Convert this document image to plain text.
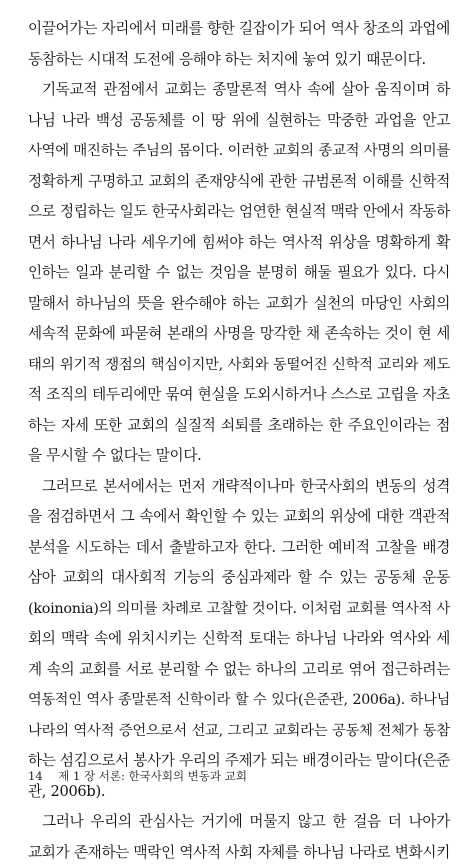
이끌어가는 자리에서 미래를 향한 길잡이가 되어 역사 창조의 과업에
동참하는 시대적 도전에 응해야 하는 처지에 놓여 있기 때문이다.
기독교적 관점에서 교회는 종말론적 역사 속에 살아 움직이며 하
나님 나라 백성 공동체를 이 땅 위에 실현하는 막중한 과업을 안고
사역에 매진하는 주님의 몸이다. 이러한 교회의 종교적 사명의 의미를
정확하게 구명하고 교회의 존재양식에 관한 규범론적 이해를 신학적
으로 정립하는 일도 한국사회라는 엄연한 현실적 맥락 안에서 작동하
면서 하나님 나라 세우기에 힘써야 하는 역사적 위상을 명확하게 확
인하는 일과 분리할 수 없는 것임을 분명히 해둘 필요가 있다. 다시
말해서 하나님의 뜻을 완수해야 하는 교회가 실천의 마당인 사회의
세속적 문화에 파묻혀 본래의 사명을 망각한 채 존속하는 것이 현 세
태의 위기적 쟁점의 핵심이지만, 사회와 동떨어진 신학적 교리와 제도
적 조직의 테두리에만 묶여 현실을 도외시하거나 스스로 고립을 자초
하는 자세 또한 교회의 실질적 쇠퇴를 초래하는 한 주요인이라는 점
을 무시할 수 없다는 말이다.
그러므로 본서에서는 먼저 개략적이나마 한국사회의 변동의 성격
을 점검하면서 그 속에서 확인할 수 있는 교회의 위상에 대한 객관적
분석을 시도하는 데서 출발하고자 한다. 그러한 예비적 고찰을 배경
삼아 교회의 대사회적 기능의 중심과제라 할 수 있는 공동체 운동
(koinonia)의 의미를 차례로 고찰할 것이다. 이처럼 교회를 역사적 사
회의 맥락 속에 위치시키는 신학적 토대는 하나님 나라와 역사와 세
계 속의 교회를 서로 분리할 수 없는 하나의 고리로 엮어 접근하려는
역동적인 역사 종말론적 신학이라 할 수 있다(은준관, 2006a). 하나님
나라의 역사적 증언으로서 선교, 그리고 교회라는 공동체 전체가 동참
하는 섬김으로서 봉사가 우리의 주제가 되는 배경이라는 말이다(은준
관, 2006b).
그러나 우리의 관심사는 거기에 머물지 않고 한 걸음 더 나아가
교회가 존재하는 맥락인 역사적 사회 자체를 하나님 나라로 변화시키
14 제 1 장 서론: 한국사회의 변동과 교회
